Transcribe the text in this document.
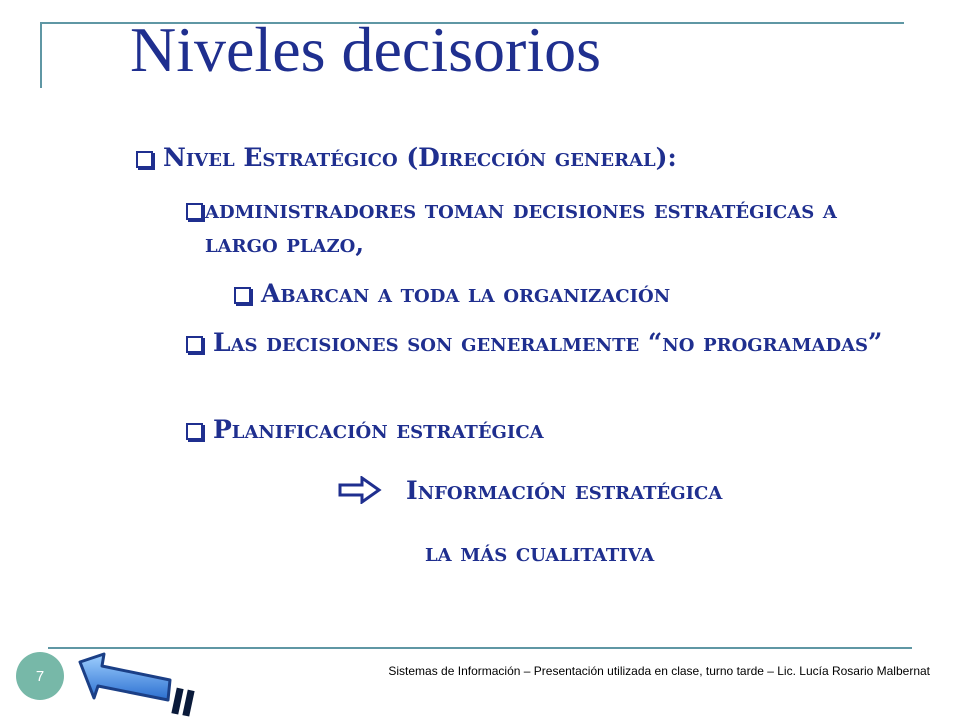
Niveles decisorios
Nivel Estratégico (Dirección general):
administradores toman decisiones estratégicas a largo plazo,
Abarcan a toda la organización
Las decisiones son generalmente “no programadas”
Planificación estratégica
Información estratégica
la más cualitativa
7	Sistemas de Información – Presentación utilizada en clase, turno tarde – Lic. Lucía Rosario Malbernat
